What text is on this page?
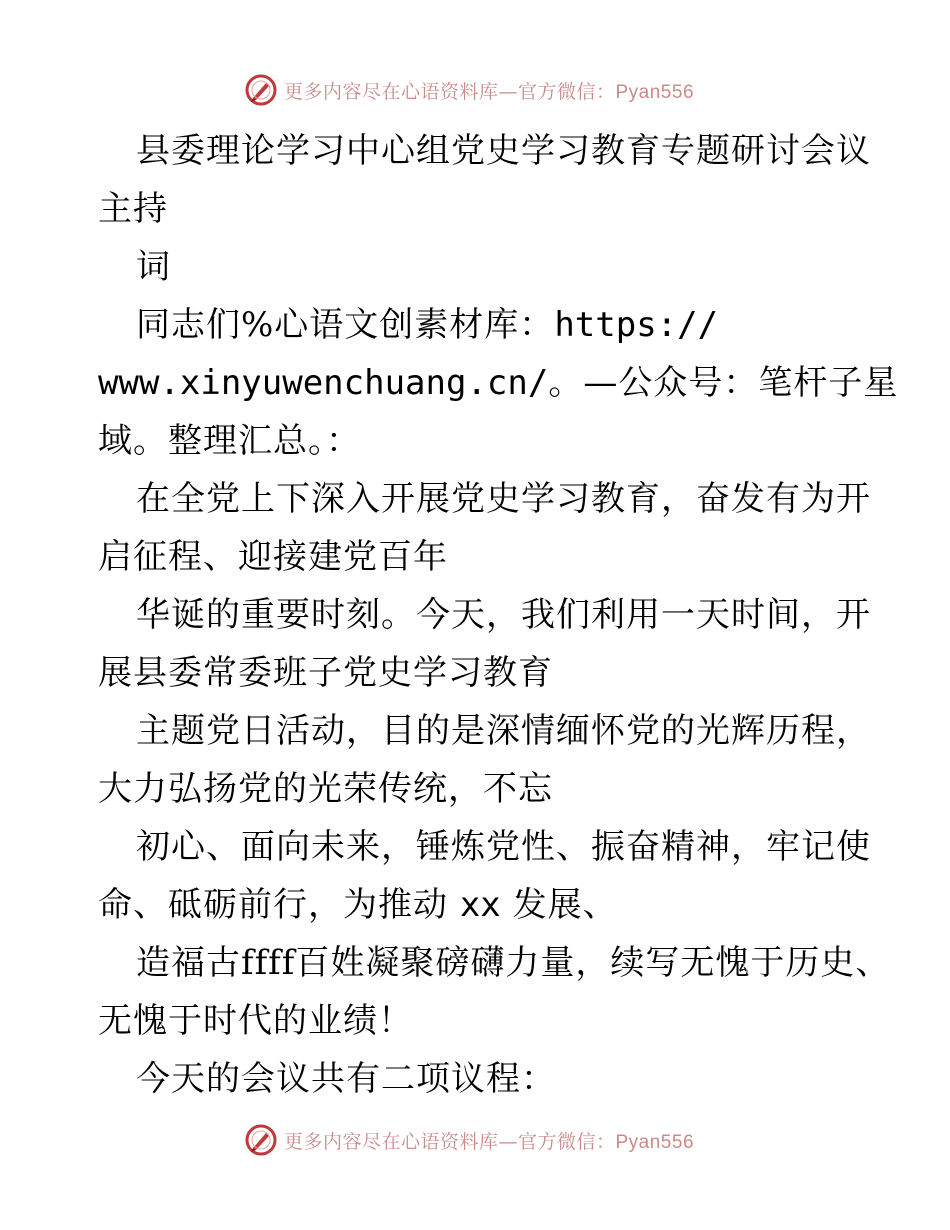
更多内容尽在心语资料库—官方微信：Pyan556
县委理论学习中心组党史学习教育专题研讨会议
主持
词
同志们%心语文创素材库：https://
www.xinyuwenchuang.cn/。—公众号：笔杆子星
域。整理汇总。：
在全党上下深入开展党史学习教育，奋发有为开
启征程、迎接建党百年
华诞的重要时刻。今天，我们利用一天时间，开
展县委常委班子党史学习教育
主题党日活动，目的是深情缅怀党的光辉历程，
大力弘扬党的光荣传统，不忘
初心、面向未来，锤炼党性、振奋精神，牢记使
命、砥砺前行，为推动 xx 发展、
造福古ffff百姓凝聚磅礴力量，续写无愧于历史、
无愧于时代的业绩！
今天的会议共有二项议程：
更多内容尽在心语资料库—官方微信：Pyan556
